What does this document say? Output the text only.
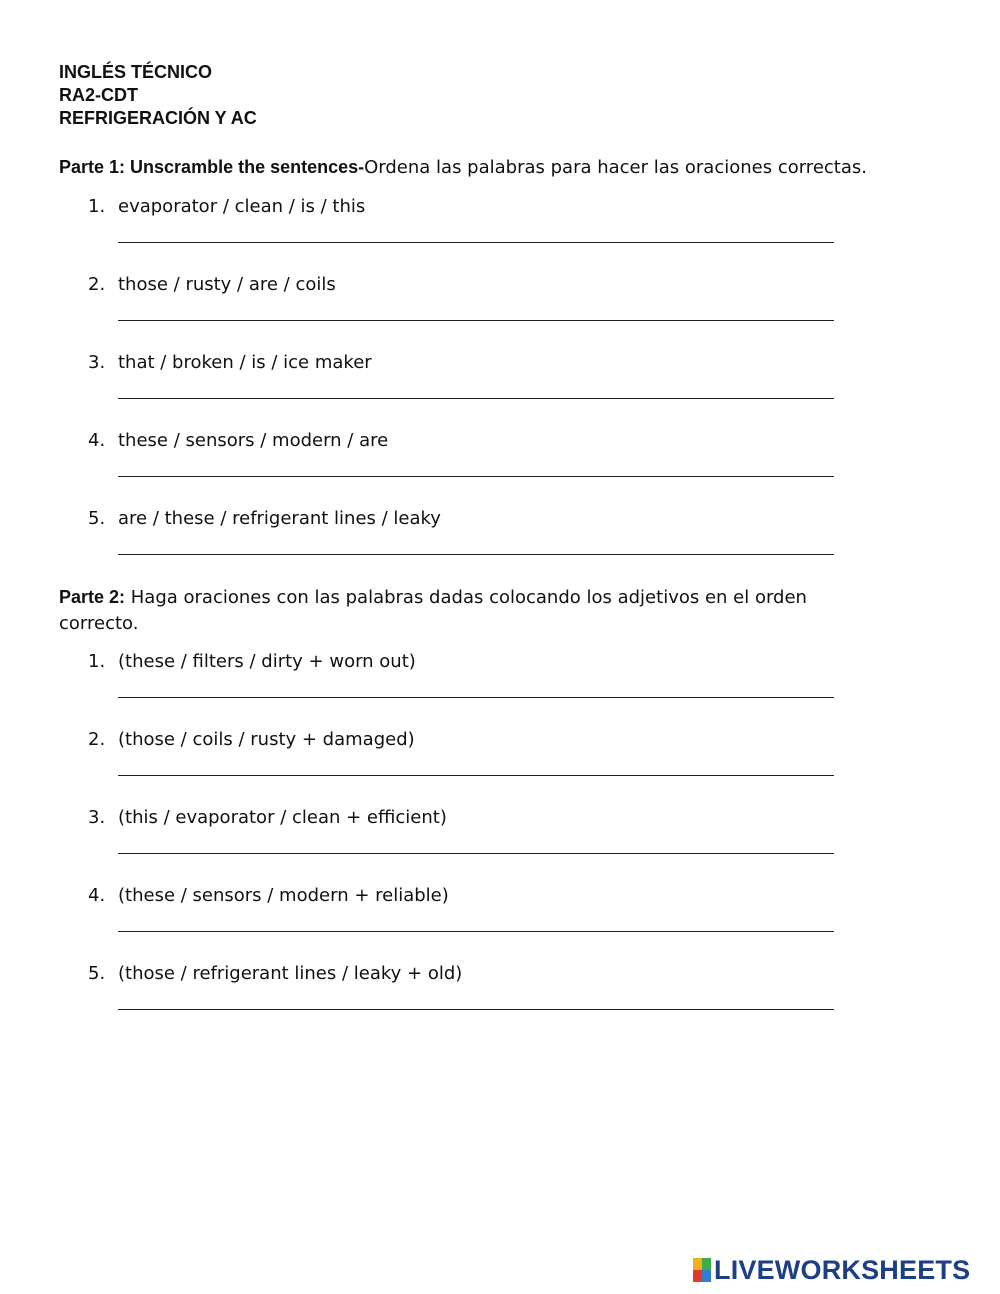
INGLÉS TÉCNICO
RA2-CDT
REFRIGERACIÓN Y AC
Parte 1: Unscramble the sentences-Ordena las palabras para hacer las oraciones correctas.
1. evaporator / clean / is / this
2. those / rusty / are / coils
3. that / broken / is / ice maker
4. these / sensors / modern / are
5. are / these / refrigerant lines / leaky
Parte 2: Haga oraciones con las palabras dadas colocando los adjetivos en el orden correcto.
1. (these / filters / dirty + worn out)
2. (those / coils / rusty + damaged)
3. (this / evaporator / clean + efficient)
4. (these / sensors / modern + reliable)
5. (those / refrigerant lines / leaky + old)
LIVEWORKSHEETS
